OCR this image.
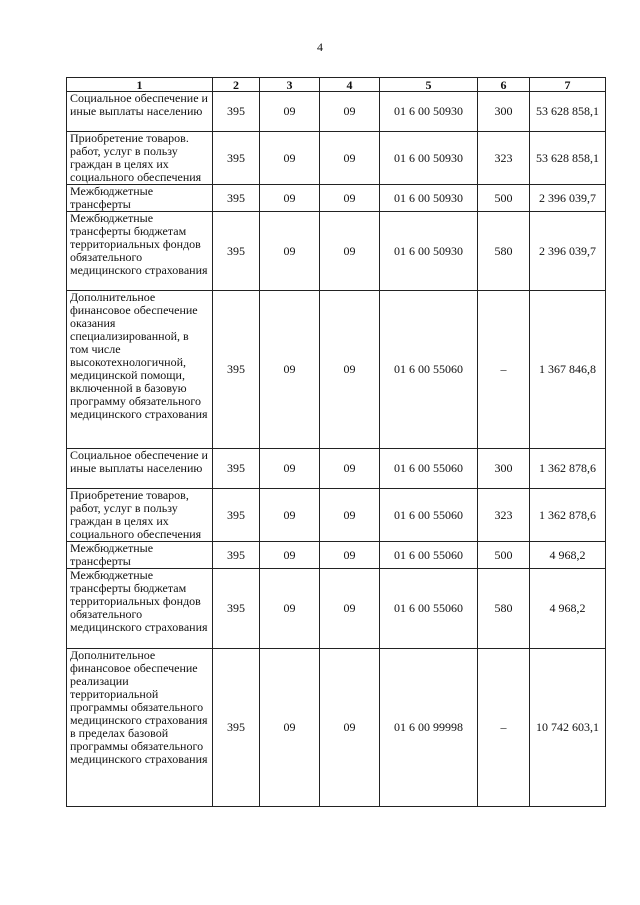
4
1	2	3	4	5	6	7
Социальное обеспечение и иные выплаты населению	395	09	09	01 6 00 50930	300	53 628 858,1
Приобретение товаров. работ, услуг в пользу граждан в целях их социального обеспечения	395	09	09	01 6 00 50930	323	53 628 858,1
Межбюджетные трансферты	395	09	09	01 6 00 50930	500	2 396 039,7
Межбюджетные трансферты бюджетам территориальных фондов обязательного медицинского страхования	395	09	09	01 6 00 50930	580	2 396 039,7
Дополнительное финансовое обеспечение оказания специализированной, в том числе высокотехнологичной, медицинской помощи, включенной в базовую программу обязательного медицинского страхования	395	09	09	01 6 00 55060	–	1 367 846,8
Социальное обеспечение и иные выплаты населению	395	09	09	01 6 00 55060	300	1 362 878,6
Приобретение товаров, работ, услуг в пользу граждан в целях их социального обеспечения	395	09	09	01 6 00 55060	323	1 362 878,6
Межбюджетные трансферты	395	09	09	01 6 00 55060	500	4 968,2
Межбюджетные трансферты бюджетам территориальных фондов обязательного медицинского страхования	395	09	09	01 6 00 55060	580	4 968,2
Дополнительное финансовое обеспечение реализации территориальной программы обязательного медицинского страхования в пределах базовой программы обязательного медицинского страхования	395	09	09	01 6 00 99998	–	10 742 603,1
